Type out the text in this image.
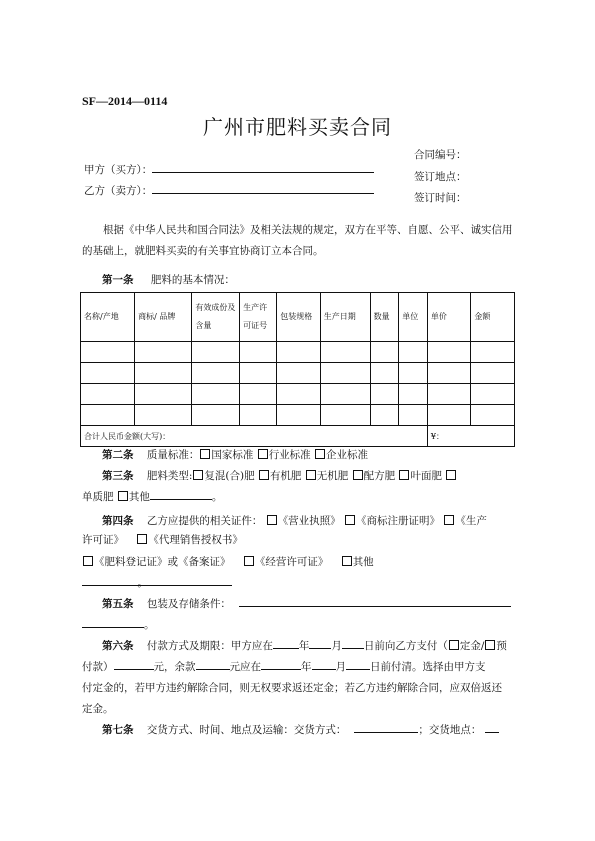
SF—2014—0114
广州市肥料买卖合同
合同编号：
签订地点：
签订时间：
甲方（买方）：
乙方（卖方）：
根据《中华人民共和国合同法》及相关法规的规定，双方在平等、自愿、公平、诚实信用的基础上，就肥料买卖的有关事宜协商订立本合同。
第一条 肥料的基本情况：
名称/产地	商标/ 品牌	有效成份及含量	生产许可证号	包装规格	生产日期	数量	单位	单价	金额

合计人民币金额(大写)：								¥：	
第二条 质量标准： 国家标准 行业标准 企业标准
第三条 肥料类型: 复混(合)肥 有机肥 无机肥 配方肥 叶面肥
单质肥 其他	。
第四条 乙方应提供的相关证件： 《营业执照》 《商标注册证明》 《生产
许可证》 《代理销售授权书》
《肥料登记证》或《备案证》 《经营许可证》 其他
。
第五条 包装及存储条件：
。
第六条 付款方式及期限：甲方应在 年 月 日前向乙方支付（ 定金/ 预
付款）	元，余款	元应在	年 月 日前付清。选择由甲方支
付定金的，若甲方违约解除合同，则无权要求返还定金；若乙方违约解除合同，应双倍返还
定金。
第七条 交货方式、时间、地点及运输：交货方式：	；交货地点：
